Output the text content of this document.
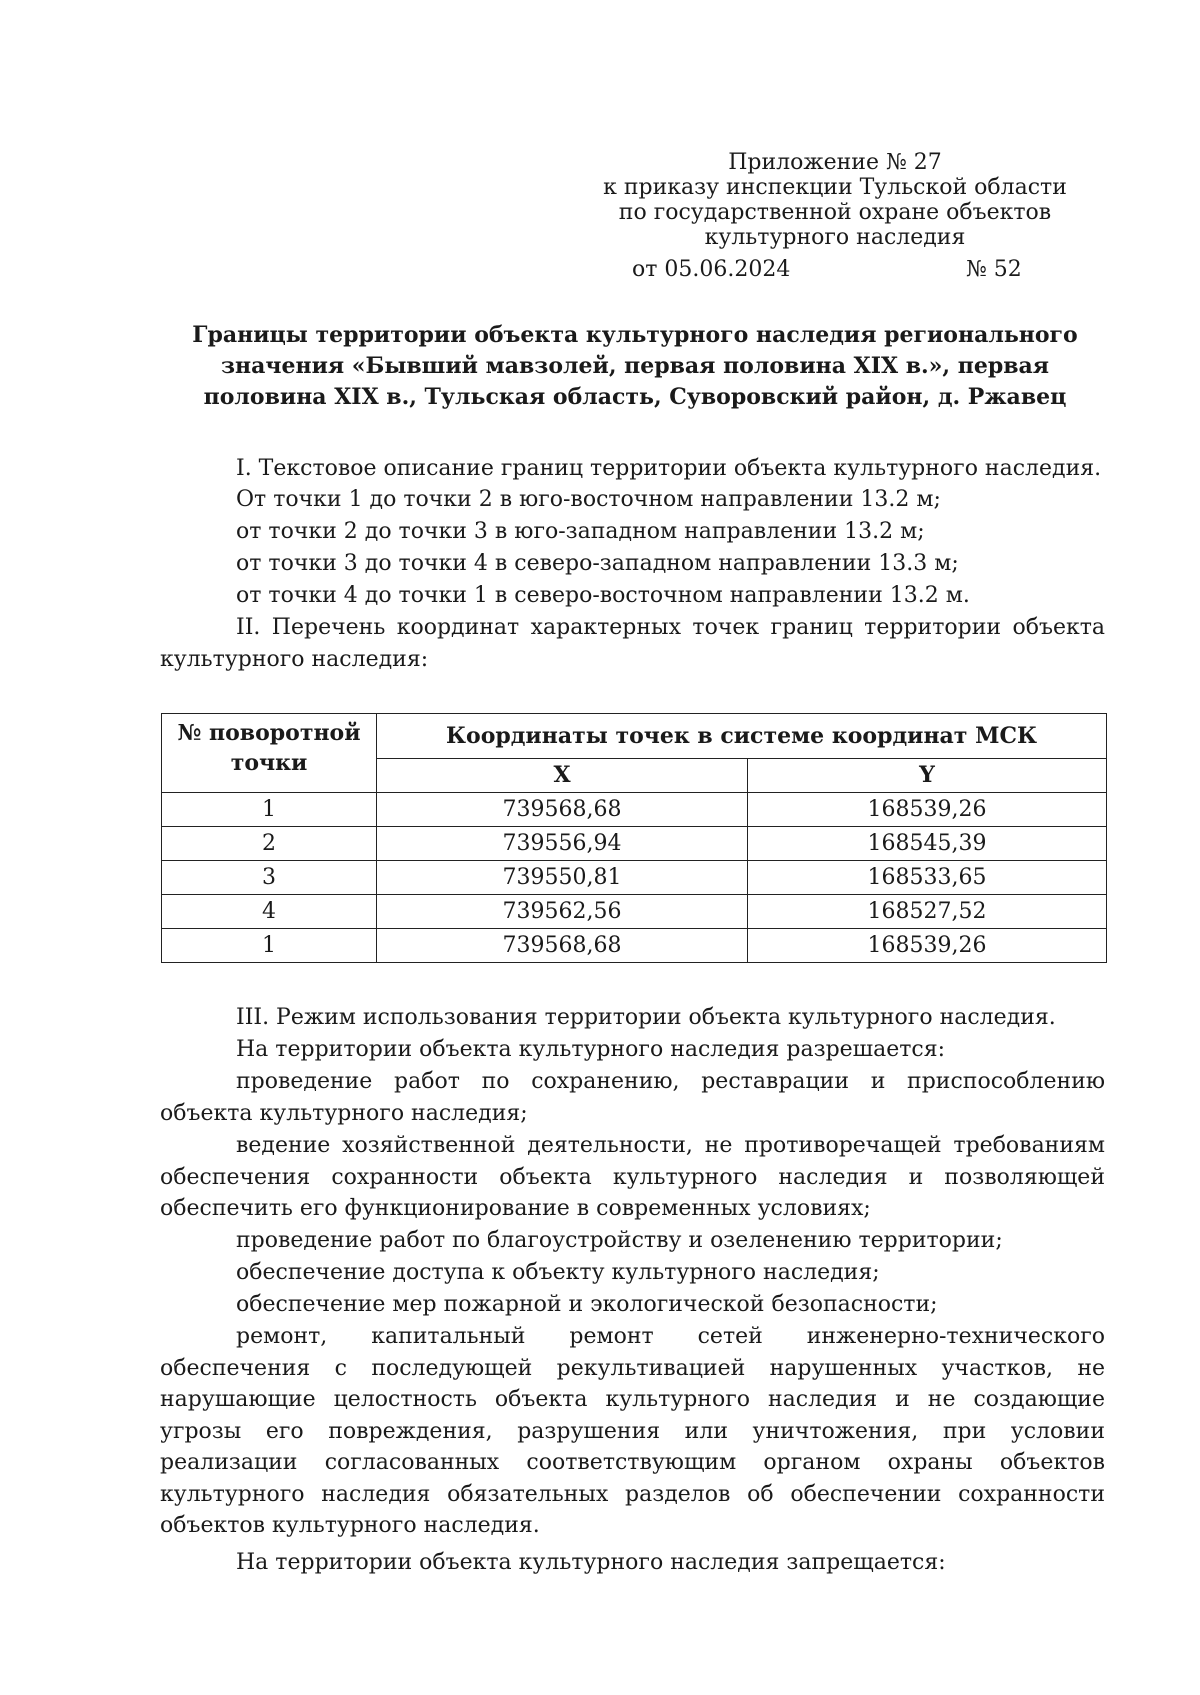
Приложение № 27
к приказу инспекции Тульской области
по государственной охране объектов
культурного наследия
от 05.06.2024	№ 52
Границы территории объекта культурного наследия регионального
значения «Бывший мавзолей, первая половина XIX в.», первая
половина XIX в., Тульская область, Суворовский район, д. Ржавец
I. Текстовое описание границ территории объекта культурного наследия.
От точки 1 до точки 2 в юго-восточном направлении 13.2 м;
от точки 2 до точки 3 в юго-западном направлении 13.2 м;
от точки 3 до точки 4 в северо-западном направлении 13.3 м;
от точки 4 до точки 1 в северо-восточном направлении 13.2 м.
II. Перечень координат характерных точек границ территории объекта
культурного наследия:
№ поворотной точки	Координаты точек в системе координат МСК	
	X	Y
1	739568,68	168539,26
2	739556,94	168545,39
3	739550,81	168533,65
4	739562,56	168527,52
1	739568,68	168539,26
III. Режим использования территории объекта культурного наследия.
На территории объекта культурного наследия разрешается:
проведение работ по сохранению, реставрации и приспособлению
объекта культурного наследия;
ведение хозяйственной деятельности, не противоречащей требованиям
обеспечения сохранности объекта культурного наследия и позволяющей
обеспечить его функционирование в современных условиях;
проведение работ по благоустройству и озеленению территории;
обеспечение доступа к объекту культурного наследия;
обеспечение мер пожарной и экологической безопасности;
ремонт, капитальный ремонт сетей инженерно-технического
обеспечения с последующей рекультивацией нарушенных участков, не
нарушающие целостность объекта культурного наследия и не создающие
угрозы его повреждения, разрушения или уничтожения, при условии
реализации согласованных соответствующим органом охраны объектов
культурного наследия обязательных разделов об обеспечении сохранности
объектов культурного наследия.
На территории объекта культурного наследия запрещается:
